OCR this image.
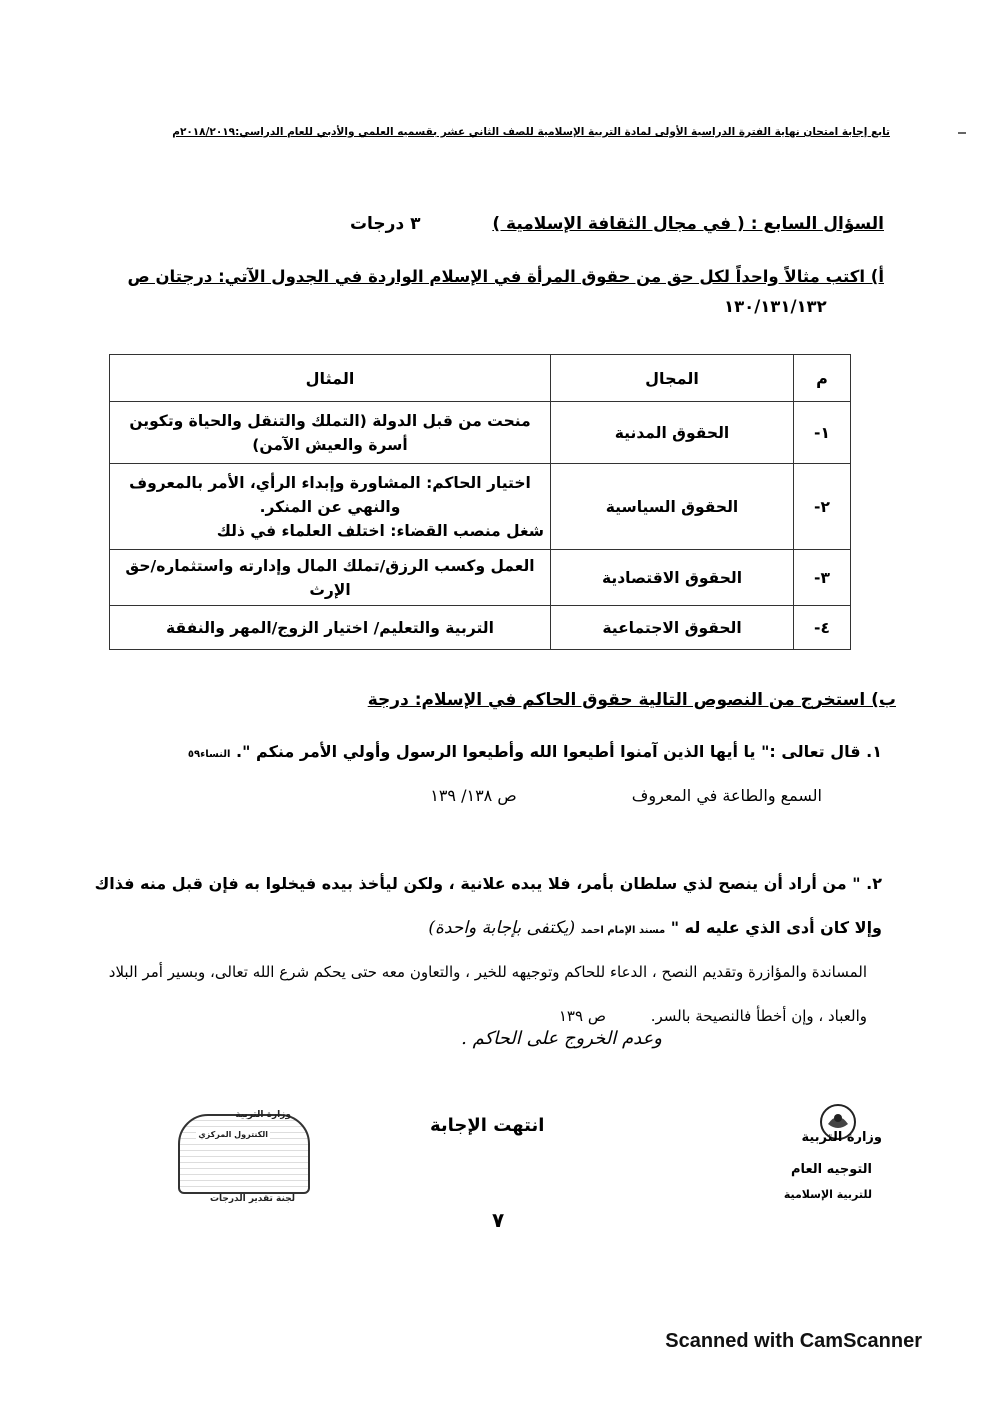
تابع إجابة امتحان نهاية الفترة الدراسية الأولى لمادة التربية الإسلامية للصف الثاني عشر بقسميه العلمي والأدبي للعام الدراسي:٢٠١٨/٢٠١٩م
السؤال السابع : ( في مجال الثقافة الإسلامية )  ٣ درجات
أ) اكتب مثالاً واحداً لكل حق من حقوق المرأة في الإسلام الواردة في الجدول الآتي: درجتان ص
١٣٠/١٣١/١٣٢
م	المجال	المثال
١-	الحقوق المدنية	منحت من قبل الدولة (التملك والتنقل والحياة وتكوين أسرة والعيش الآمن)
٢-	الحقوق السياسية	اختيار الحاكم: المشاورة وإبداء الرأي، الأمر بالمعروف والنهي عن المنكر.
شغل منصب القضاء: اختلف العلماء في ذلك

٣-	الحقوق الاقتصادية	العمل وكسب الرزق/تملك المال وإدارته واستثماره/حق الإرث
٤-	الحقوق الاجتماعية	التربية والتعليم/ اختيار الزوج/المهر والنفقة
ب) استخرج من النصوص التالية حقوق الحاكم في الإسلام: درجة
١. قال تعالى :" يا أيها الذين آمنوا أطيعوا الله وأطيعوا الرسول وأولي الأمر منكم ". النساء٥٩
السمع والطاعة في المعروف ص ١٣٨/ ١٣٩
٢. " من أراد أن ينصح لذي سلطان بأمر، فلا يبده علانية ، ولكن ليأخذ بيده فيخلوا به فإن قبل منه فذاك وإلا كان أدى الذي عليه له " مسند الإمام احمد (يكتفى بإجابة واحدة)
المساندة والمؤازرة وتقديم النصح ، الدعاء للحاكم وتوجيهه للخير ، والتعاون معه حتى يحكم شرع الله تعالى، وبسير أمر البلاد والعباد ، وإن أخطأ فالنصيحة بالسر. ص ١٣٩
وعدم الخروج على الحاكم .
انتهت الإجابة
وزارة التربية
الكنترول المركزي
لجنة تقدير الدرجات
وزارة التربية
التوجيه العام
للتربية الإسلامية
٧
Scanned with CamScanner
